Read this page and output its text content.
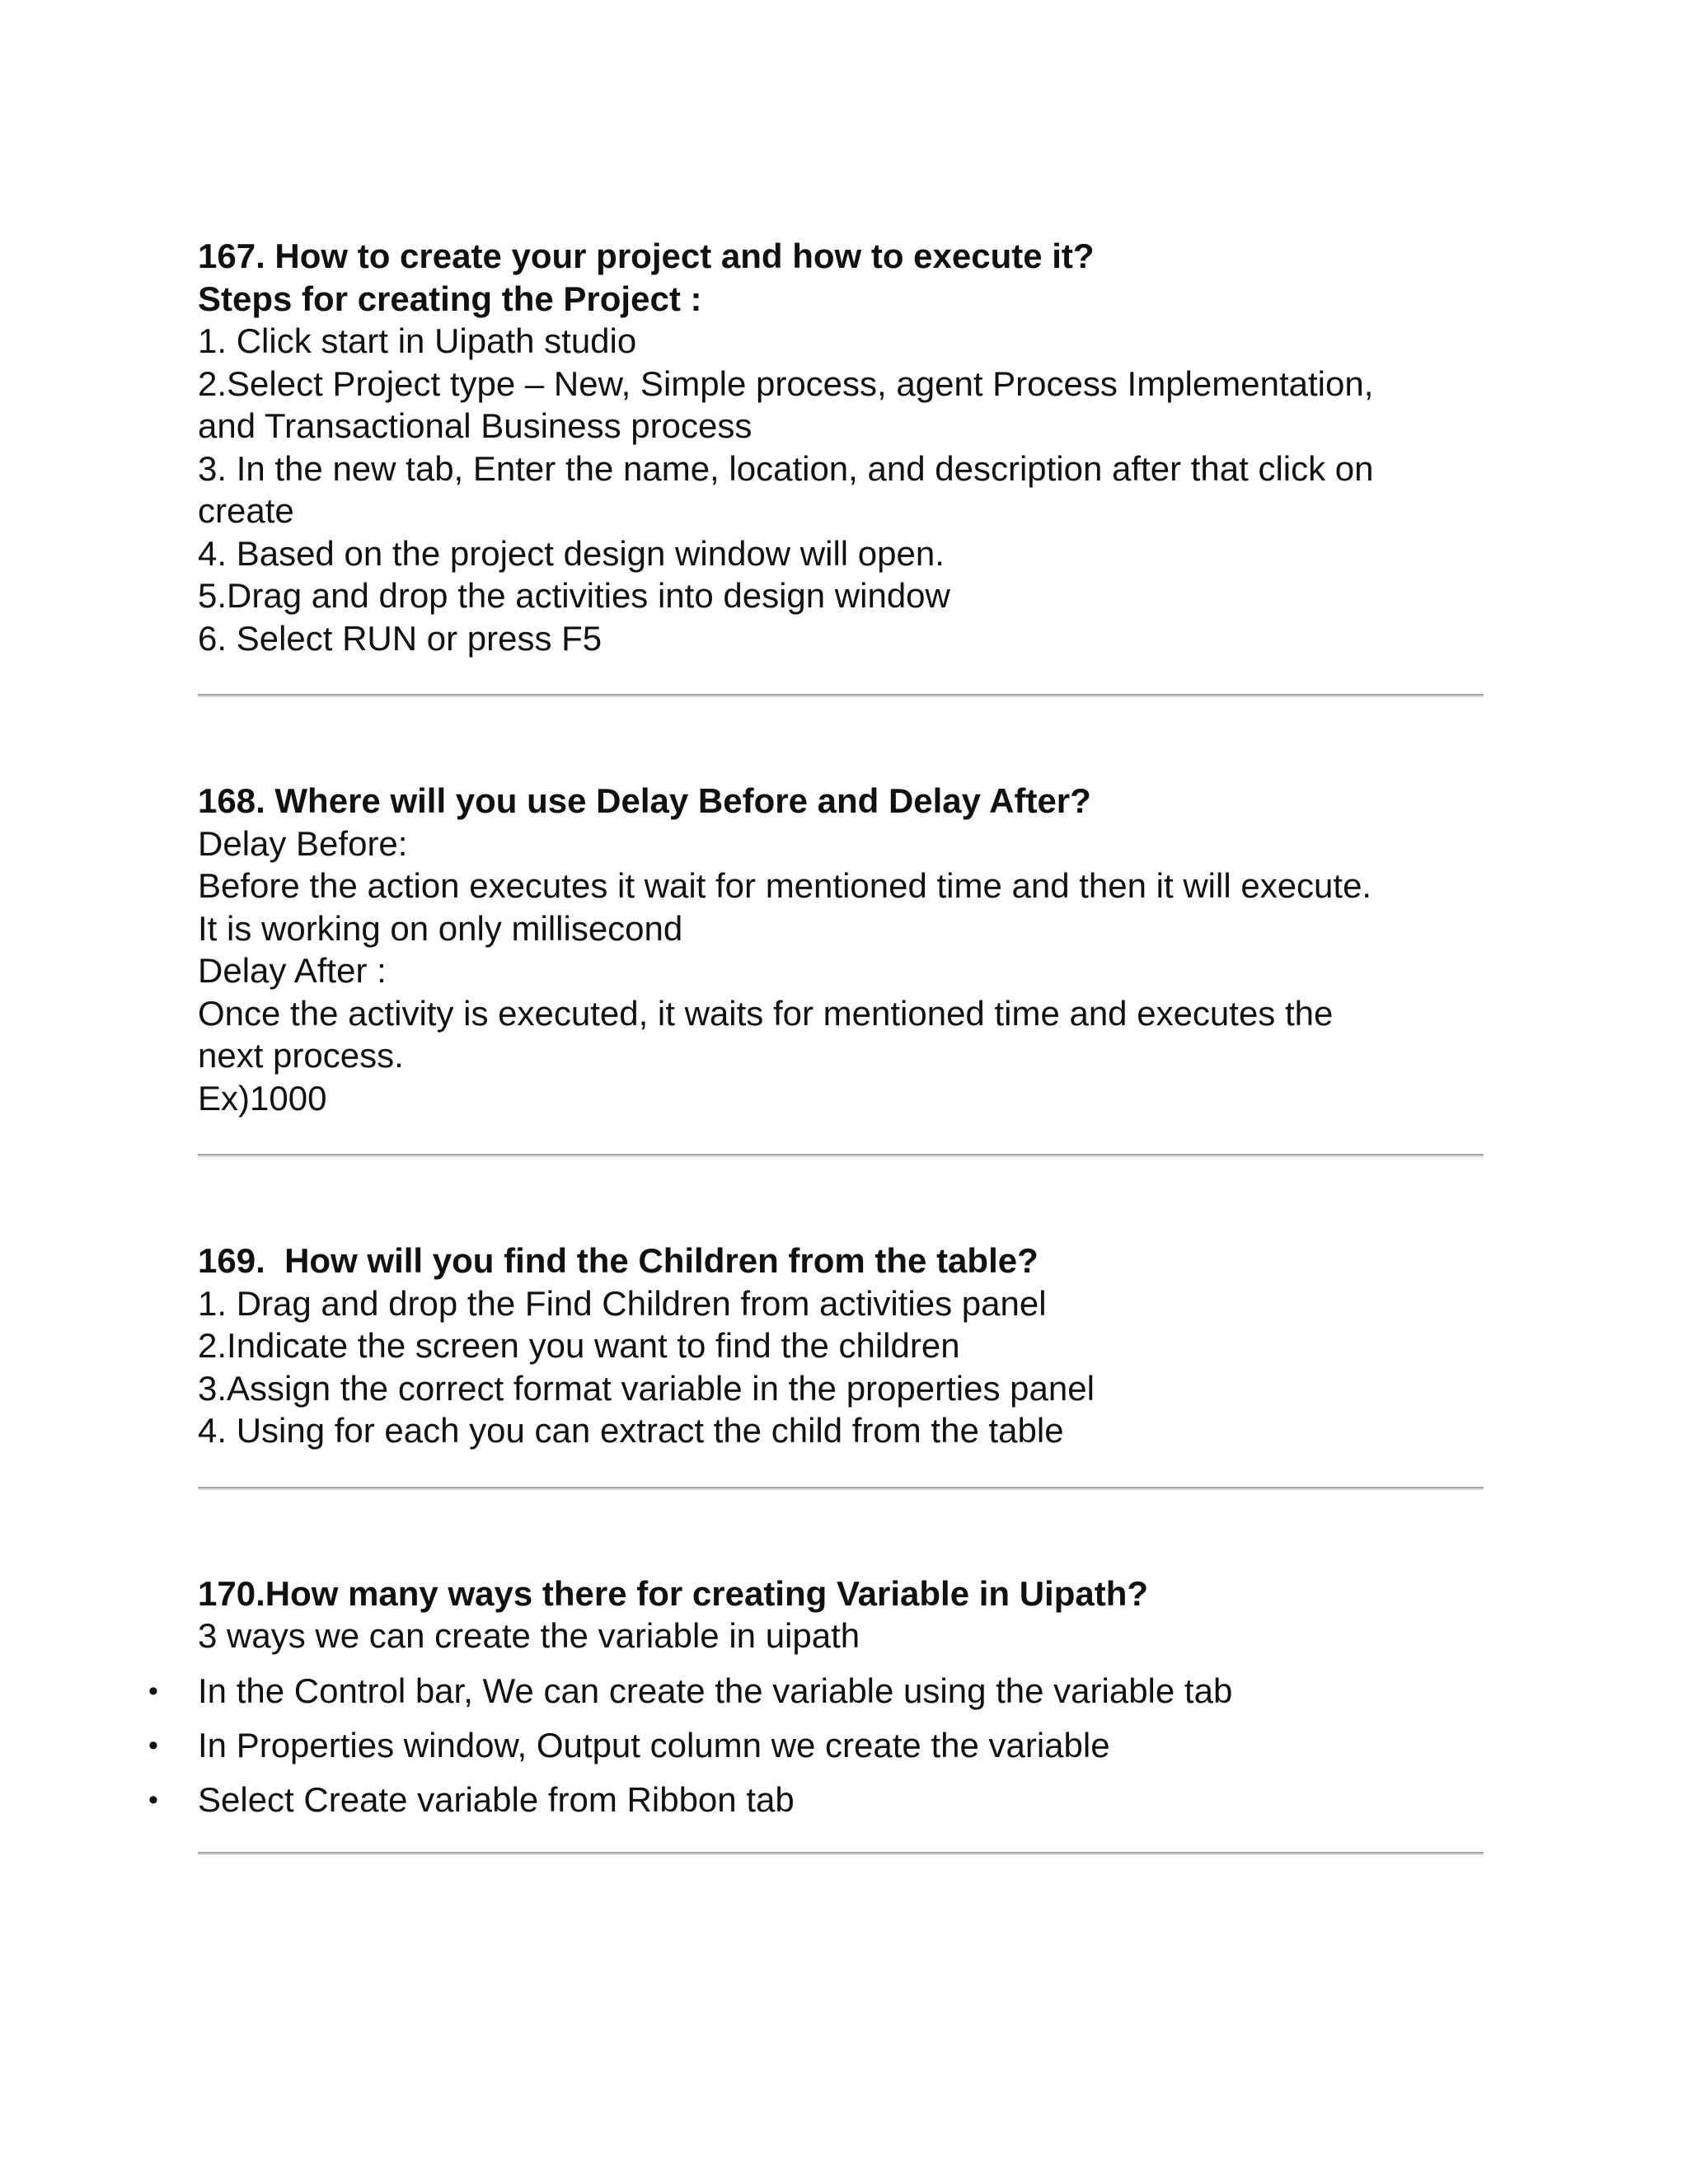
167. How to create your project and how to execute it?
Steps for creating the Project :
1. Click start in Uipath studio
2.Select Project type – New, Simple process, agent Process Implementation,
and Transactional Business process
3. In the new tab, Enter the name, location, and description after that click on
create
4. Based on the project design window will open.
5.Drag and drop the activities into design window
6. Select RUN or press F5
168. Where will you use Delay Before and Delay After?
Delay Before:
Before the action executes it wait for mentioned time and then it will execute.
It is working on only millisecond
Delay After :
Once the activity is executed, it waits for mentioned time and executes the
next process.
Ex)1000
169.  How will you find the Children from the table?
1. Drag and drop the Find Children from activities panel
2.Indicate the screen you want to find the children
3.Assign the correct format variable in the properties panel
4. Using for each you can extract the child from the table
170.How many ways there for creating Variable in Uipath?
3 ways we can create the variable in uipath
• In the Control bar, We can create the variable using the variable tab
• In Properties window, Output column we create the variable
• Select Create variable from Ribbon tab
